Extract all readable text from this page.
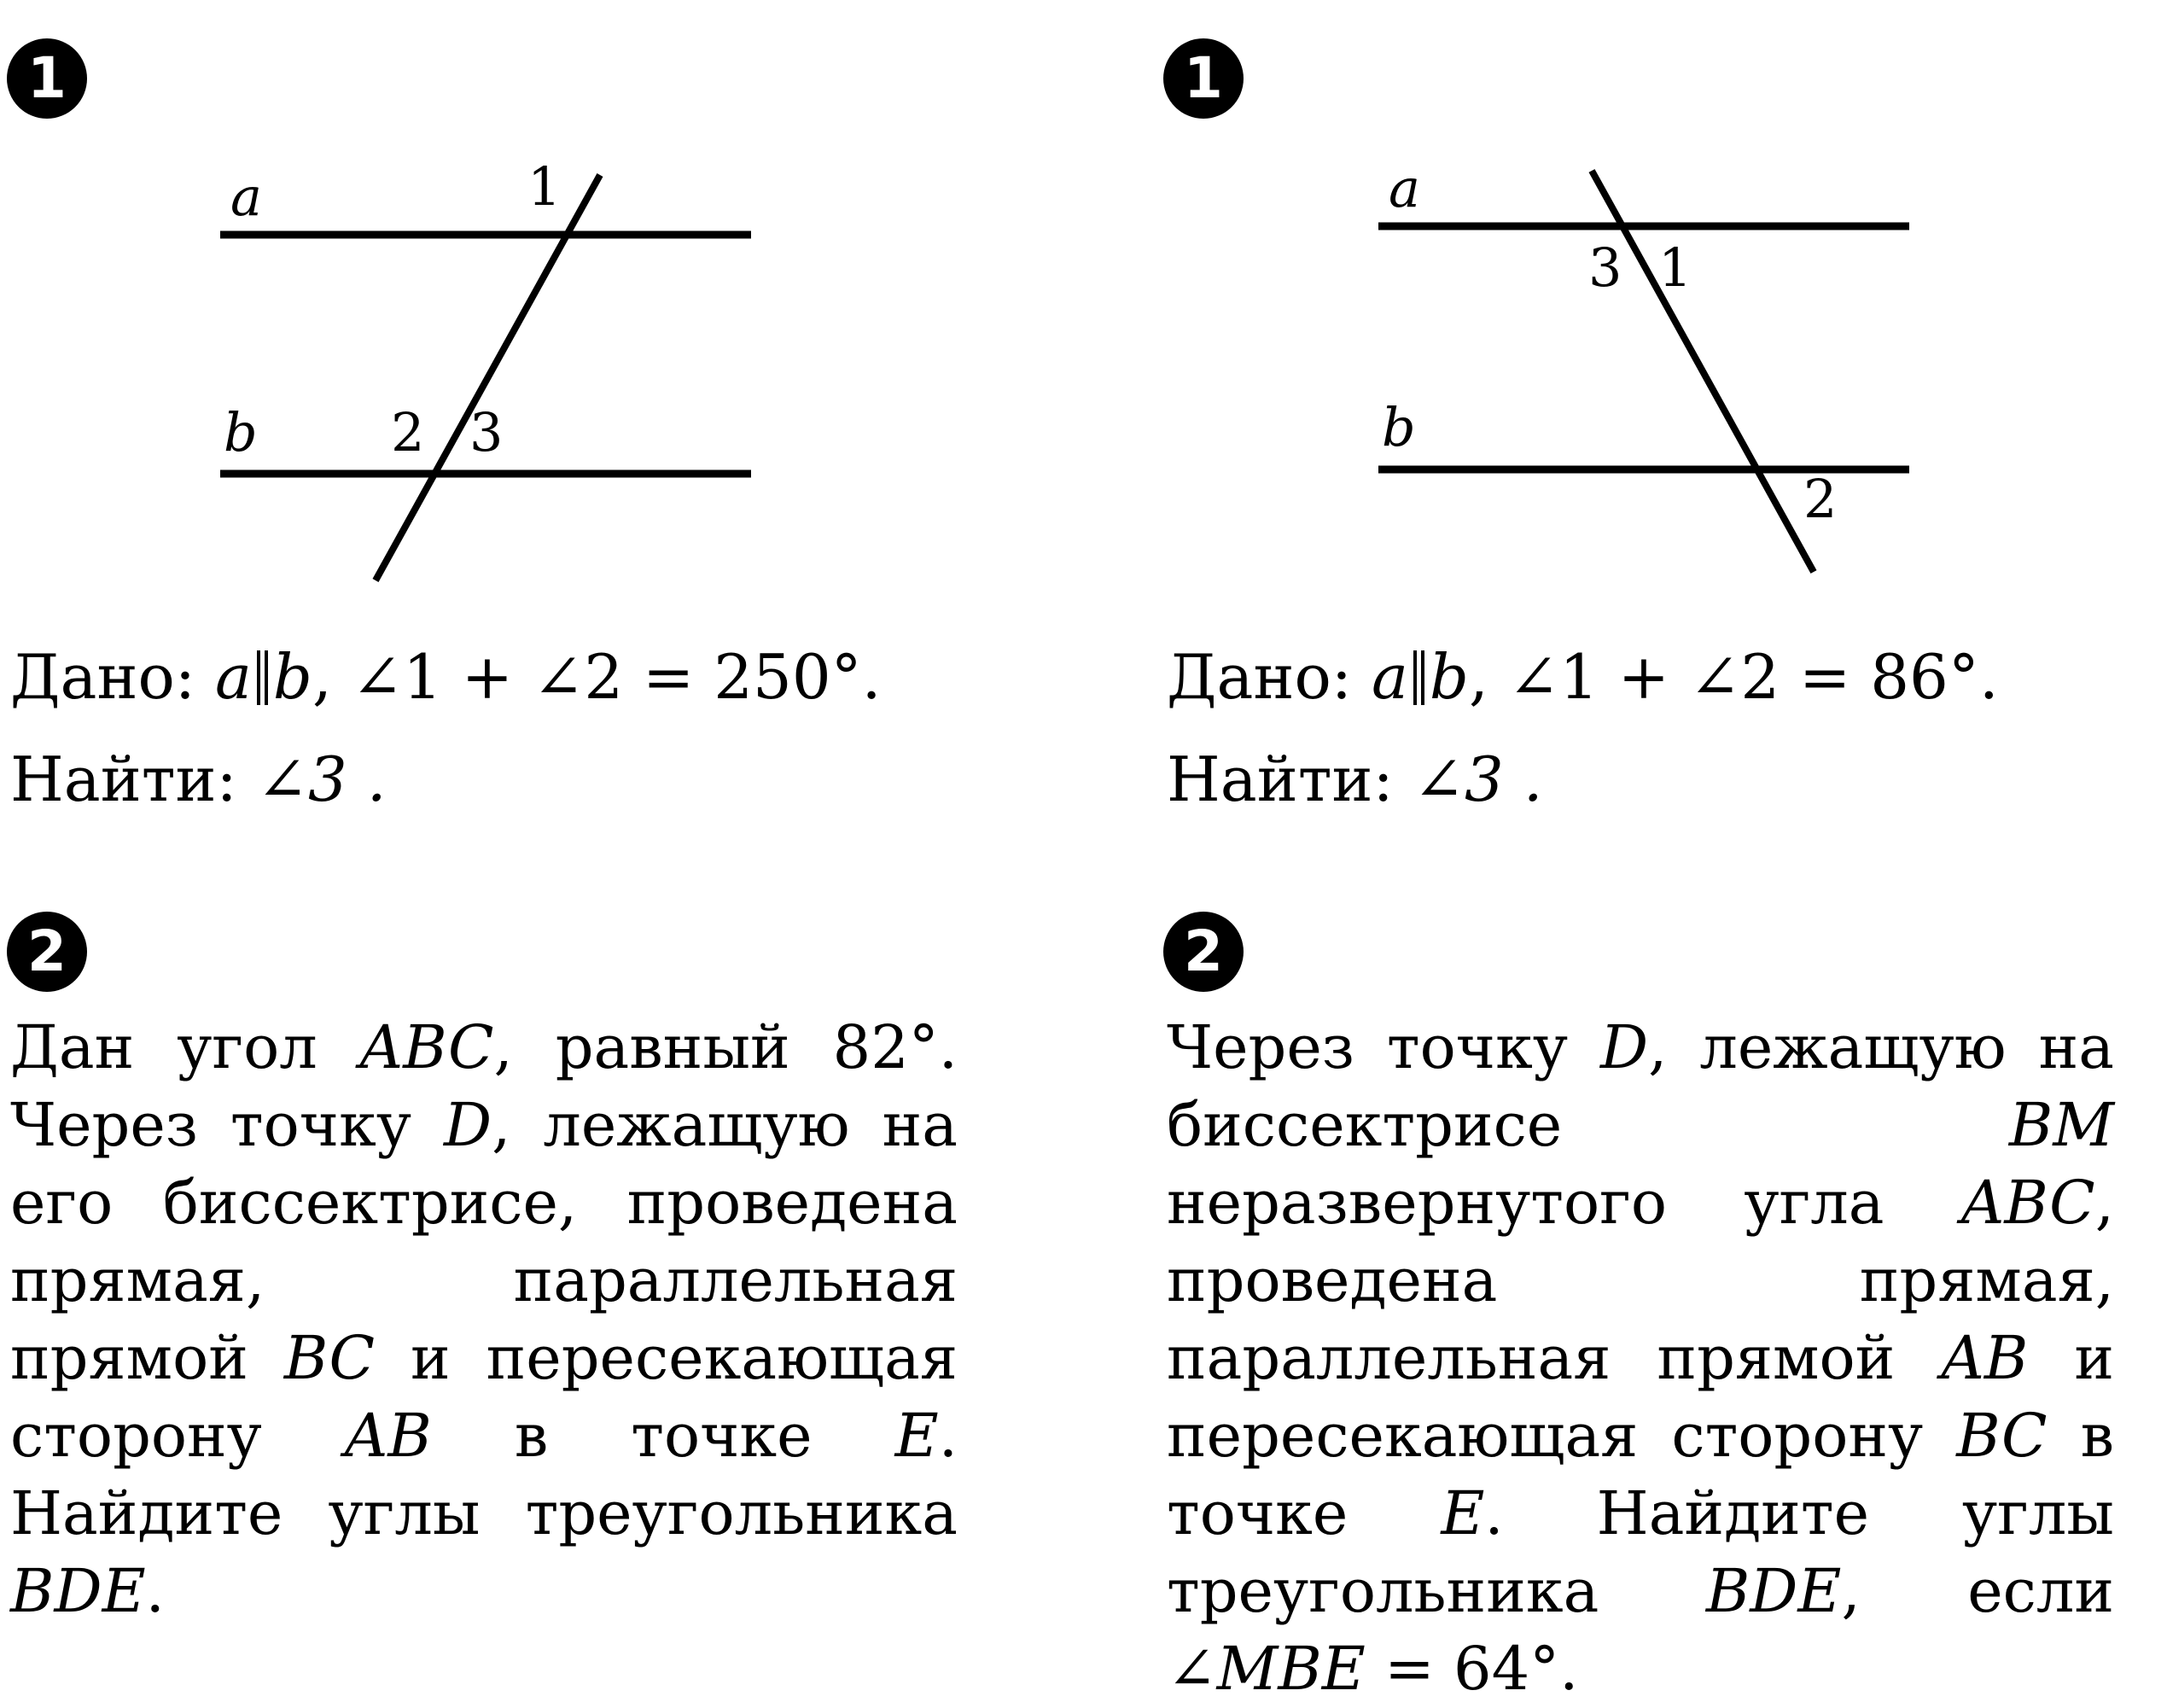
1
a
b
1
2 3
Дано: a b, ∠1 + ∠2 = 250°.
Найти: ∠3 .
2
Дан угол ABC, равный 82°. Через точку D, лежащую на его биссектрисе, проведена прямая, параллельная прямой BC и пересекающая сторону AB в точке E. Найдите углы треугольника BDE.
1
a
b
3 1
2
Дано: a b, ∠1 + ∠2 = 86°.
Найти: ∠3 .
2
Через точку D, лежащую на биссектрисе BM неразвернутого угла ABC, проведена прямая, параллельная прямой AB и пересекающая сторону BC в точке E. Найдите углы треугольника BDE, если ∠MBE = 64°.
